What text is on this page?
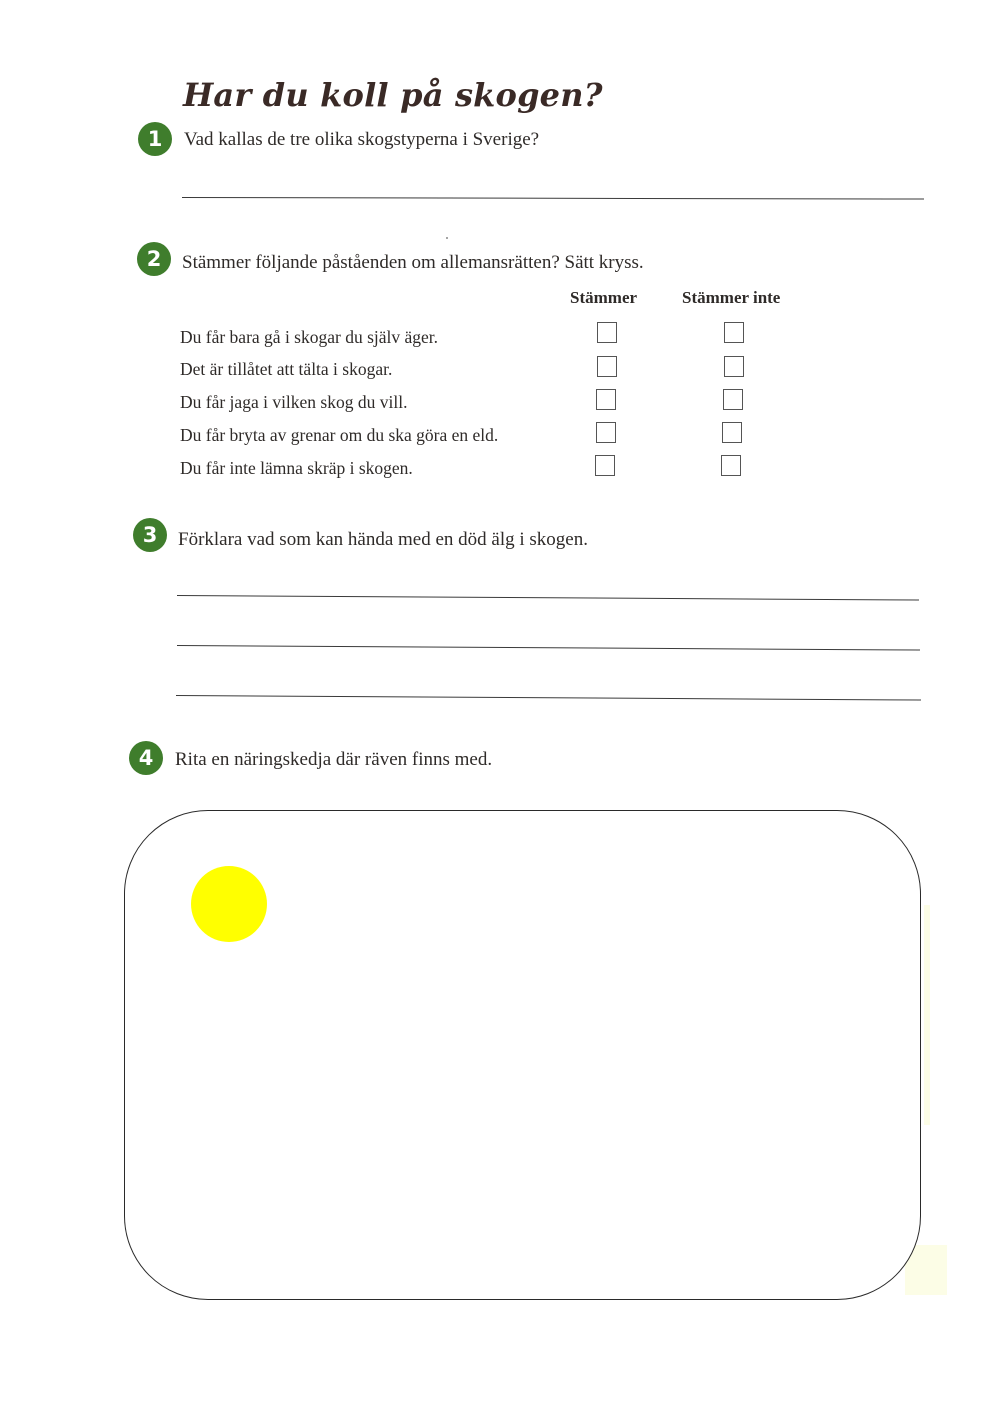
Har du koll på skogen?
1	Vad kallas de tre olika skogstyperna i Sverige?
2	Stämmer följande påståenden om allemansrätten? Sätt kryss.
Stämmer	Stämmer inte
Du får bara gå i skogar du själv äger.
Det är tillåtet att tälta i skogar.
Du får jaga i vilken skog du vill.
Du får bryta av grenar om du ska göra en eld.
Du får inte lämna skräp i skogen.
3	Förklara vad som kan hända med en död älg i skogen.
4	Rita en näringskedja där räven finns med.
